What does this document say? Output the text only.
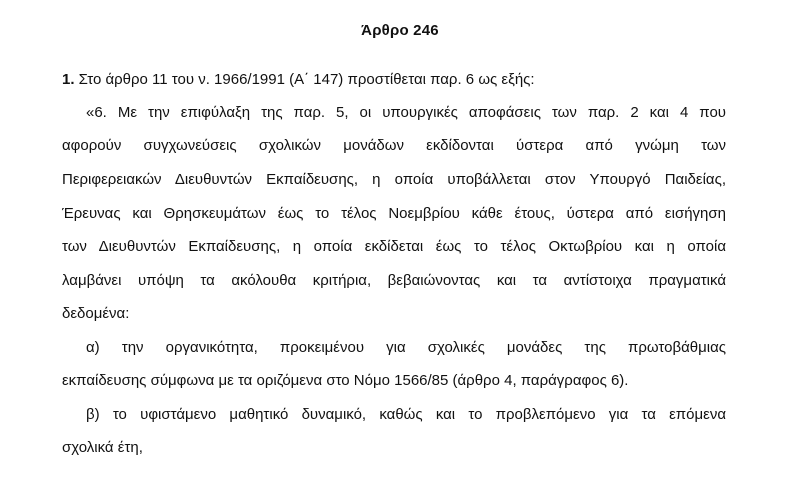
Άρθρο 246
1. Στο άρθρο 11 του ν. 1966/1991 (Α΄ 147) προστίθεται παρ. 6 ως εξής:
«6. Με την επιφύλαξη της παρ. 5, οι υπουργικές αποφάσεις των παρ. 2 και 4 που
αφορούν συγχωνεύσεις σχολικών μονάδων εκδίδονται ύστερα από γνώμη των
Περιφερειακών Διευθυντών Εκπαίδευσης, η οποία υποβάλλεται στον Υπουργό Παιδείας,
Έρευνας και Θρησκευμάτων έως το τέλος Νοεμβρίου κάθε έτους, ύστερα από εισήγηση
των Διευθυντών Εκπαίδευσης, η οποία εκδίδεται έως το τέλος Οκτωβρίου και η οποία
λαμβάνει υπόψη τα ακόλουθα κριτήρια, βεβαιώνοντας και τα αντίστοιχα πραγματικά
δεδομένα:
α) την οργανικότητα, προκειμένου για σχολικές μονάδες της πρωτοβάθμιας
εκπαίδευσης σύμφωνα με τα οριζόμενα στο Νόμο 1566/85 (άρθρο 4, παράγραφος 6).
β) το υφιστάμενο μαθητικό δυναμικό, καθώς και το προβλεπόμενο για τα επόμενα
σχολικά έτη,
